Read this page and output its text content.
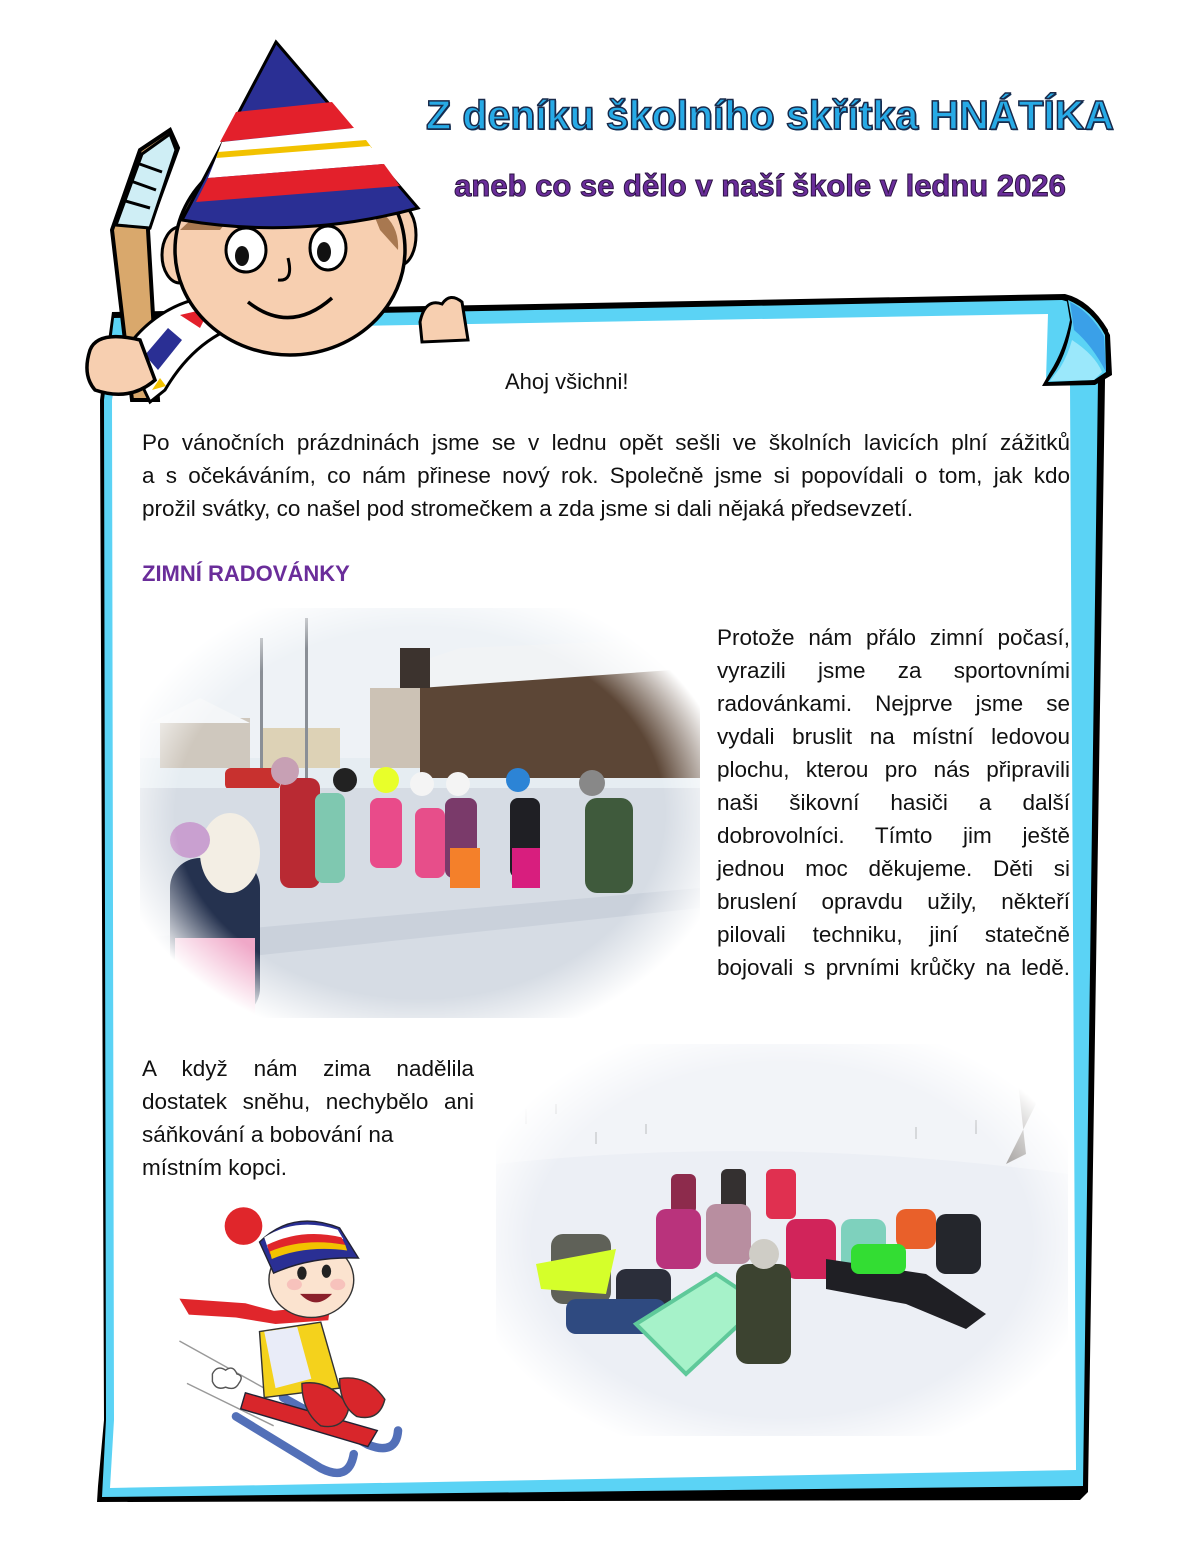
Z deníku školního skřítka HNÁTÍKA
aneb co se dělo v naší škole v lednu 2026
Ahoj všichni!
Po vánočních prázdninách jsme se v lednu opět sešli ve školních lavicích plní zážitků
a s očekáváním, co nám přinese nový rok. Společně jsme si popovídali o tom, jak kdo
prožil svátky, co našel pod stromečkem a zda jsme si dali nějaká předsevzetí.
ZIMNÍ RADOVÁNKY
Protože nám přálo zimní počasí,
vyrazili jsme za sportovními
radovánkami. Nejprve jsme se
vydali bruslit na místní ledovou
plochu, kterou pro nás připravili
naši šikovní hasiči a další
dobrovolníci. Tímto jim ještě
jednou moc děkujeme. Děti si
bruslení opravdu užily, někteří
pilovali techniku, jiní statečně
bojovali s prvními krůčky na ledě.
A když nám zima nadělila
dostatek sněhu, nechybělo ani
sáňkování a bobování na
místním kopci.
